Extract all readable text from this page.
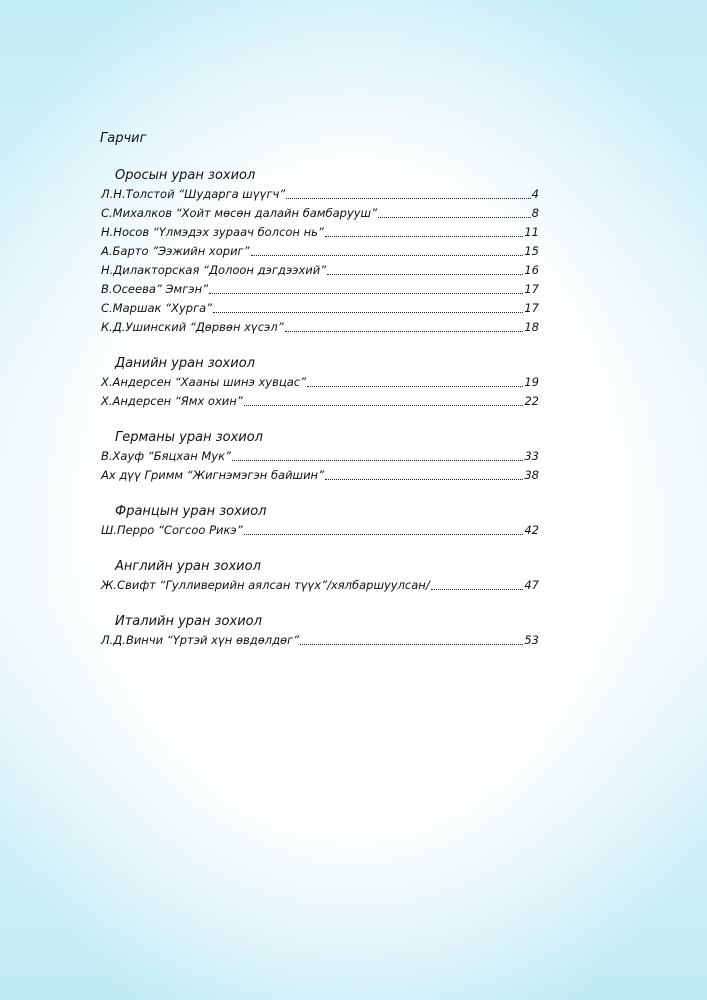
Гарчиг
Оросын уран зохиол
Л.Н.Толстой “Шударга шүүгч”	4
С.Михалков “Хойт мөсөн далайн бамбарууш”	8
Н.Носов “Үлмэдэх зураач болсон нь”	11
А.Барто ”Ээжийн хориг”	15
Н.Дилакторская “Долоон дэгдээхий”	16
В.Осеева” Эмгэн”	17
С.Маршак “Хурга”	17
К.Д.Ушинский “Дөрвөн хүсэл”	18
Данийн уран зохиол
Х.Андерсен “Хааны шинэ хувцас”	19
Х.Андерсен “Ямх охин”	22
Германы уран зохиол
В.Хауф “Бяцхан Мук”	33
Ах дүү Гримм “Жигнэмэгэн байшин”	38
Францын уран зохиол
Ш.Перро “Согсоо Рикэ”	42
Английн уран зохиол
Ж.Свифт “Гулливерийн аялсан түүх”/хялбаршуулсан/	47
Италийн уран зохиол
Л.Д.Винчи “Үртэй хүн өвдөлдөг”	53
